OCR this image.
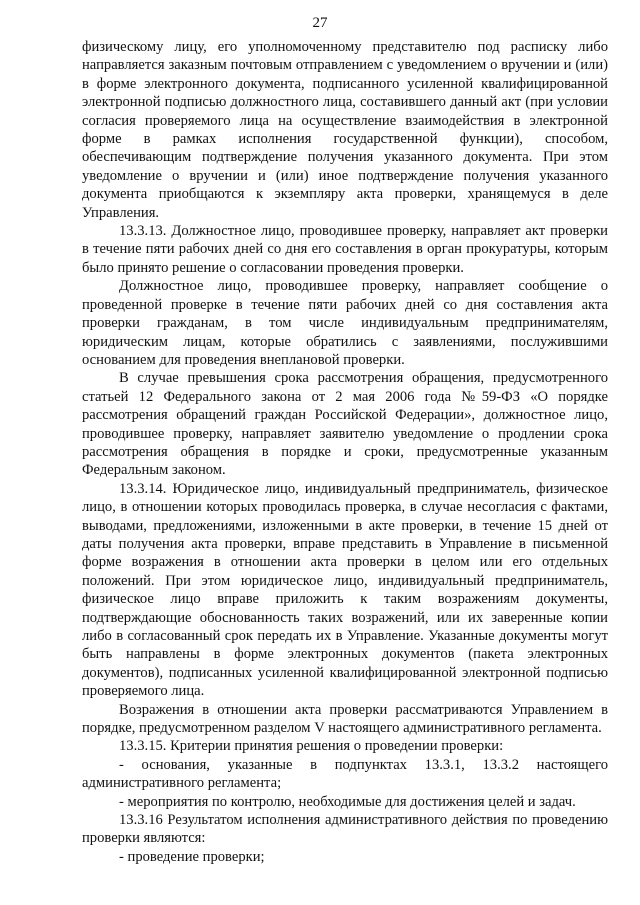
27

физическому лицу, его уполномоченному представителю под расписку либо направляется заказным почтовым отправлением с уведомлением о вручении и (или) в форме электронного документа, подписанного усиленной квалифицированной электронной подписью должностного лица, составившего данный акт (при условии согласия проверяемого лица на осуществление взаимодействия в электронной форме в рамках исполнения государственной функции), способом, обеспечивающим подтверждение получения указанного документа. При этом уведомление о вручении и (или) иное подтверждение получения указанного документа приобщаются к экземпляру акта проверки, хранящемуся в деле Управления.

13.3.13. Должностное лицо, проводившее проверку, направляет акт проверки в течение пяти рабочих дней со дня его составления в орган прокуратуры, которым было принято решение о согласовании проведения проверки.

Должностное лицо, проводившее проверку, направляет сообщение о проведенной проверке в течение пяти рабочих дней со дня составления акта проверки гражданам, в том числе индивидуальным предпринимателям, юридическим лицам, которые обратились с заявлениями, послужившими основанием для проведения внеплановой проверки.

В случае превышения срока рассмотрения обращения, предусмотренного статьей 12 Федерального закона от 2 мая 2006 года №59-ФЗ «О порядке рассмотрения обращений граждан Российской Федерации», должностное лицо, проводившее проверку, направляет заявителю уведомление о продлении срока рассмотрения обращения в порядке и сроки, предусмотренные указанным Федеральным законом.

13.3.14. Юридическое лицо, индивидуальный предприниматель, физическое лицо, в отношении которых проводилась проверка, в случае несогласия с фактами, выводами, предложениями, изложенными в акте проверки, в течение 15 дней от даты получения акта проверки, вправе представить в Управление в письменной форме возражения в отношении акта проверки в целом или его отдельных положений. При этом юридическое лицо, индивидуальный предприниматель, физическое лицо вправе приложить к таким возражениям документы, подтверждающие обоснованность таких возражений, или их заверенные копии либо в согласованный срок передать их в Управление. Указанные документы могут быть направлены в форме электронных документов (пакета электронных документов), подписанных усиленной квалифицированной электронной подписью проверяемого лица.

Возражения в отношении акта проверки рассматриваются Управлением в порядке, предусмотренном разделом V настоящего административного регламента.

13.3.15. Критерии принятия решения о проведении проверки:

- основания, указанные в подпунктах 13.3.1, 13.3.2 настоящего административного регламента;

- мероприятия по контролю, необходимые для достижения целей и задач.

13.3.16 Результатом исполнения административного действия по проведению проверки являются:

- проведение проверки;
